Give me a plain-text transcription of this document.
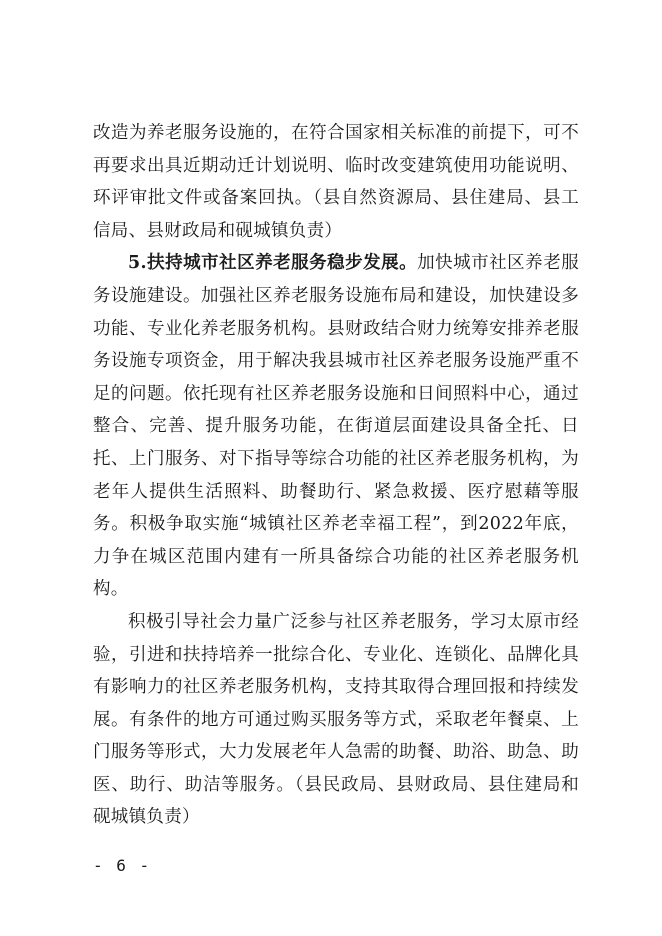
改造为养老服务设施的，在符合国家相关标准的前提下，可不再要求出具近期动迁计划说明、临时改变建筑使用功能说明、环评审批文件或备案回执。（县自然资源局、县住建局、县工信局、县财政局和砚城镇负责）

5.扶持城市社区养老服务稳步发展。加快城市社区养老服务设施建设。加强社区养老服务设施布局和建设，加快建设多功能、专业化养老服务机构。县财政结合财力统筹安排养老服务设施专项资金，用于解决我县城市社区养老服务设施严重不足的问题。依托现有社区养老服务设施和日间照料中心，通过整合、完善、提升服务功能，在街道层面建设具备全托、日托、上门服务、对下指导等综合功能的社区养老服务机构，为老年人提供生活照料、助餐助行、紧急救援、医疗慰藉等服务。积极争取实施“城镇社区养老幸福工程”，到2022年底，力争在城区范围内建有一所具备综合功能的社区养老服务机构。

积极引导社会力量广泛参与社区养老服务，学习太原市经验，引进和扶持培养一批综合化、专业化、连锁化、品牌化具有影响力的社区养老服务机构，支持其取得合理回报和持续发展。有条件的地方可通过购买服务等方式，采取老年餐桌、上门服务等形式，大力发展老年人急需的助餐、助浴、助急、助医、助行、助洁等服务。（县民政局、县财政局、县住建局和砚城镇负责）

- 6 -
